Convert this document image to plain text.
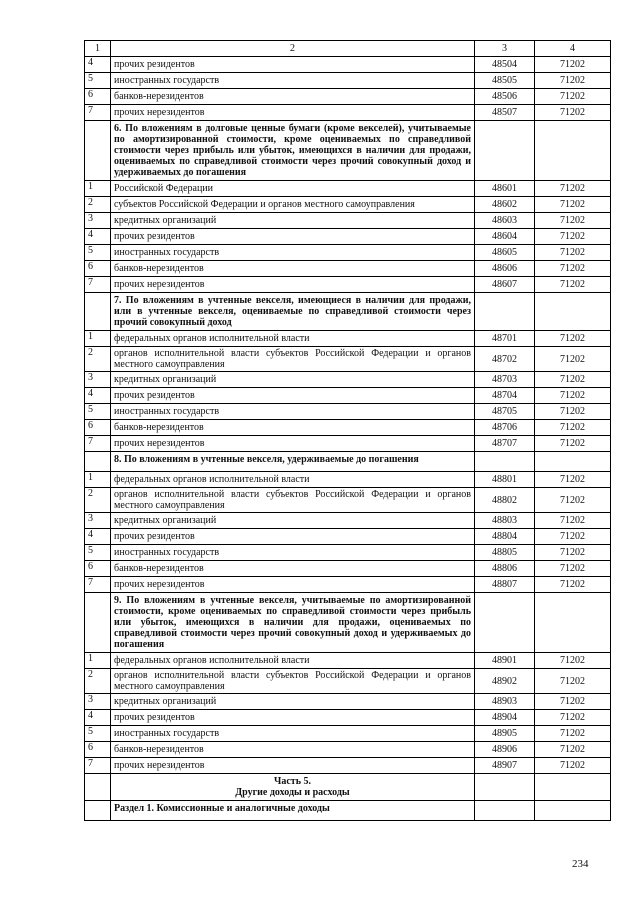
1	2	3	4
4	прочих резидентов	48504	71202
5	иностранных государств	48505	71202
6	банков-нерезидентов	48506	71202
7	прочих нерезидентов	48507	71202
	6. По вложениям в долговые ценные бумаги (кроме векселей), учитываемые по амортизированной стоимости, кроме оцениваемых по справедливой стоимости через прибыль или убыток, имеющихся в наличии для продажи, оцениваемых по справедливой стоимости через прочий совокупный доход и удерживаемых до погашения		
1	Российской Федерации	48601	71202
2	субъектов Российской Федерации и органов местного самоуправления	48602	71202
3	кредитных организаций	48603	71202
4	прочих резидентов	48604	71202
5	иностранных государств	48605	71202
6	банков-нерезидентов	48606	71202
7	прочих нерезидентов	48607	71202
	7. По вложениям в учтенные векселя, имеющиеся в наличии для продажи, или в учтенные векселя, оцениваемые по справедливой стоимости через прочий совокупный доход		
1	федеральных органов исполнительной власти	48701	71202
2	органов исполнительной власти субъектов Российской Федерации и органов местного самоуправления	48702	71202
3	кредитных организаций	48703	71202
4	прочих резидентов	48704	71202
5	иностранных государств	48705	71202
6	банков-нерезидентов	48706	71202
7	прочих нерезидентов	48707	71202
	8. По вложениям в учтенные векселя, удерживаемые до погашения		
1	федеральных органов исполнительной власти	48801	71202
2	органов исполнительной власти субъектов Российской Федерации и органов местного самоуправления	48802	71202
3	кредитных организаций	48803	71202
4	прочих резидентов	48804	71202
5	иностранных государств	48805	71202
6	банков-нерезидентов	48806	71202
7	прочих нерезидентов	48807	71202
	9. По вложениям в учтенные векселя, учитываемые по амортизированной стоимости, кроме оцениваемых по справедливой стоимости через прибыль или убыток, имеющихся в наличии для продажи, оцениваемых по справедливой стоимости через прочий совокупный доход и удерживаемых до погашения		
1	федеральных органов исполнительной власти	48901	71202
2	органов исполнительной власти субъектов Российской Федерации и органов местного самоуправления	48902	71202
3	кредитных организаций	48903	71202
4	прочих резидентов	48904	71202
5	иностранных государств	48905	71202
6	банков-нерезидентов	48906	71202
7	прочих нерезидентов	48907	71202

	Часть 5.
Другие доходы и расходы		

	Раздел 1. Комиссионные и аналогичные доходы		
234
